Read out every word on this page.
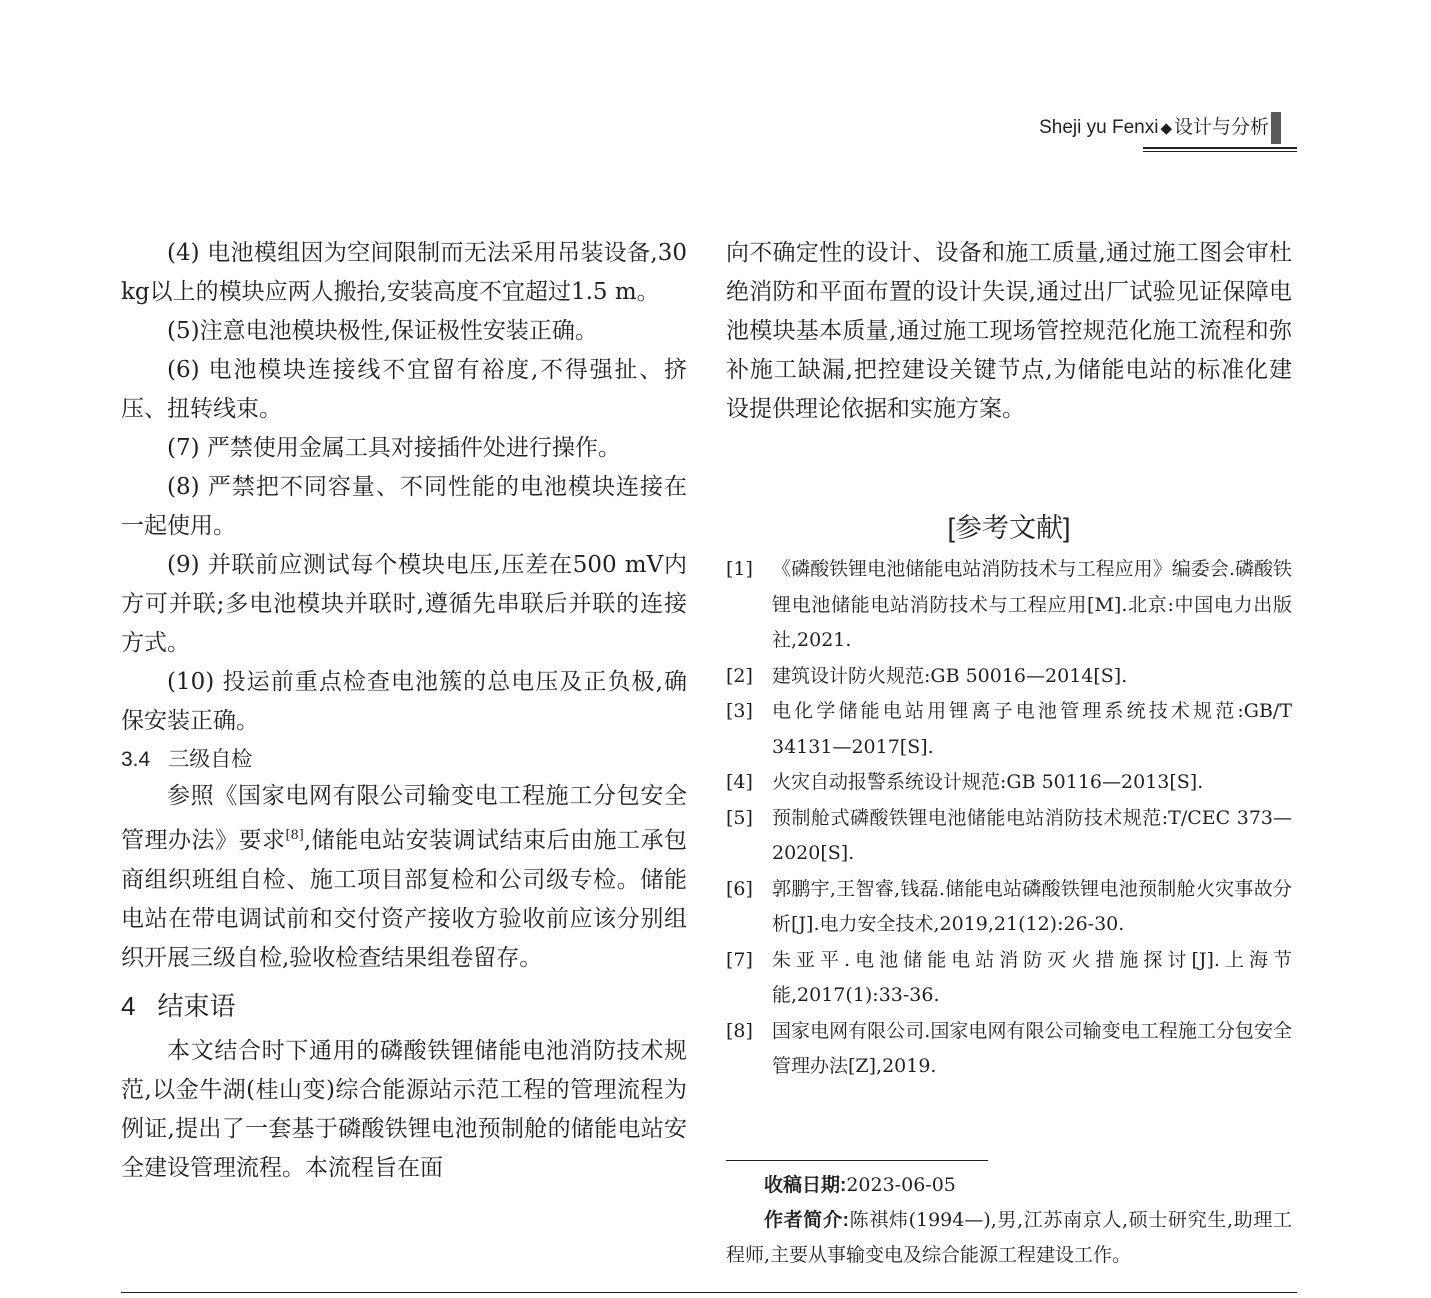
Sheji yu Fenxi ◆ 设计与分析

(4) 电池模组因为空间限制而无法采用吊装设备,30 kg以上的模块应两人搬抬,安装高度不宜超过1.5 m。

(5)注意电池模块极性,保证极性安装正确。

(6) 电池模块连接线不宜留有裕度,不得强扯、挤压、扭转线束。

(7) 严禁使用金属工具对接插件处进行操作。

(8) 严禁把不同容量、不同性能的电池模块连接在一起使用。

(9) 并联前应测试每个模块电压,压差在500 mV内方可并联;多电池模块并联时,遵循先串联后并联的连接方式。

(10) 投运前重点检查电池簇的总电压及正负极,确保安装正确。

3.4 三级自检

参照《国家电网有限公司输变电工程施工分包安全管理办法》要求[8],储能电站安装调试结束后由施工承包商组织班组自检、施工项目部复检和公司级专检。储能电站在带电调试前和交付资产接收方验收前应该分别组织开展三级自检,验收检查结果组卷留存。

4 结束语

本文结合时下通用的磷酸铁锂储能电池消防技术规范,以金牛湖(桂山变)综合能源站示范工程的管理流程为例证,提出了一套基于磷酸铁锂电池预制舱的储能电站安全建设管理流程。本流程旨在面

向不确定性的设计、设备和施工质量,通过施工图会审杜绝消防和平面布置的设计失误,通过出厂试验见证保障电池模块基本质量,通过施工现场管控规范化施工流程和弥补施工缺漏,把控建设关键节点,为储能电站的标准化建设提供理论依据和实施方案。

[参考文献]

[1] 《磷酸铁锂电池储能电站消防技术与工程应用》编委会.磷酸铁锂电池储能电站消防技术与工程应用[M].北京:中国电力出版社,2021.

[2] 建筑设计防火规范:GB 50016—2014[S].

[3] 电化学储能电站用锂离子电池管理系统技术规范:GB/T 34131—2017[S].

[4] 火灾自动报警系统设计规范:GB 50116—2013[S].

[5] 预制舱式磷酸铁锂电池储能电站消防技术规范:T/CEC 373—2020[S].

[6] 郭鹏宇,王智睿,钱磊.储能电站磷酸铁锂电池预制舱火灾事故分析[J].电力安全技术,2019,21(12):26-30.

[7] 朱亚平.电池储能电站消防灭火措施探讨[J].上海节能,2017(1):33-36.

[8] 国家电网有限公司.国家电网有限公司输变电工程施工分包安全管理办法[Z],2019.

收稿日期:2023-06-05

作者简介:陈祺炜(1994—),男,江苏南京人,硕士研究生,助理工程师,主要从事输变电及综合能源工程建设工作。
